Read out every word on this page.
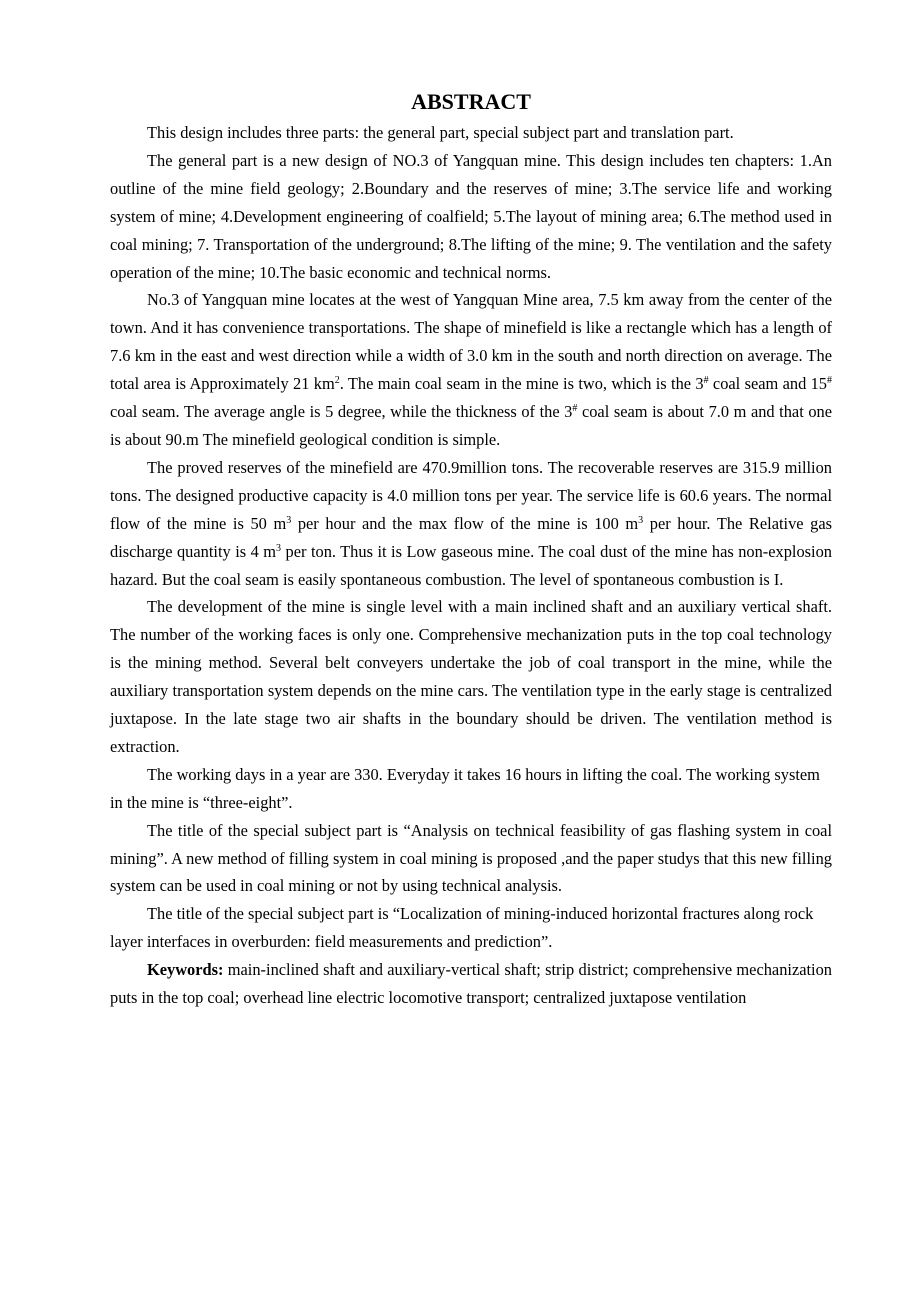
ABSTRACT

This design includes three parts: the general part, special subject part and translation part.

The general part is a new design of NO.3 of Yangquan mine. This design includes ten chapters: 1.An outline of the mine field geology; 2.Boundary and the reserves of mine; 3.The service life and working system of mine; 4.Development engineering of coalfield; 5.The layout of mining area; 6.The method used in coal mining; 7. Transportation of the underground; 8.The lifting of the mine; 9. The ventilation and the safety operation of the mine; 10.The basic economic and technical norms.

No.3 of Yangquan mine locates at the west of Yangquan Mine area, 7.5 km away from the center of the town. And it has convenience transportations. The shape of minefield is like a rectangle which has a length of 7.6 km in the east and west direction while a width of 3.0 km in the south and north direction on average. The total area is Approximately 21 $km^2$. The main coal seam in the mine is two, which is the 3# coal seam and 15# coal seam. The average angle is 5 degree, while the thickness of the 3# coal seam is about 7.0 m and that one is about 90.m The minefield geological condition is simple.

The proved reserves of the minefield are 470.9million tons. The recoverable reserves are 315.9 million tons. The designed productive capacity is 4.0 million tons per year. The service life is 60.6 years. The normal flow of the mine is 50 $m^3$ per hour and the max flow of the mine is 100 $m^3$ per hour. The Relative gas discharge quantity is 4 $m^3$ per ton. Thus it is Low gaseous mine. The coal dust of the mine has non-explosion hazard. But the coal seam is easily spontaneous combustion. The level of spontaneous combustion is I.

The development of the mine is single level with a main inclined shaft and an auxiliary vertical shaft. The number of the working faces is only one. Comprehensive mechanization puts in the top coal technology is the mining method. Several belt conveyers undertake the job of coal transport in the mine, while the auxiliary transportation system depends on the mine cars. The ventilation type in the early stage is centralized juxtapose. In the late stage two air shafts in the boundary should be driven. The ventilation method is extraction.

The working days in a year are 330. Everyday it takes 16 hours in lifting the coal. The working system in the mine is “three-eight”.

The title of the special subject part is “Analysis on technical feasibility of gas flashing system in coal mining”. A new method of filling system in coal mining is proposed ,and the paper studys that this new filling system can be used in coal mining or not by using technical analysis.

The title of the special subject part is “Localization of mining-induced horizontal fractures along rock layer interfaces in overburden: field measurements and prediction”.

Keywords: main-inclined shaft and auxiliary-vertical shaft; strip district; comprehensive mechanization puts in the top coal; overhead line electric locomotive transport; centralized juxtapose ventilation
